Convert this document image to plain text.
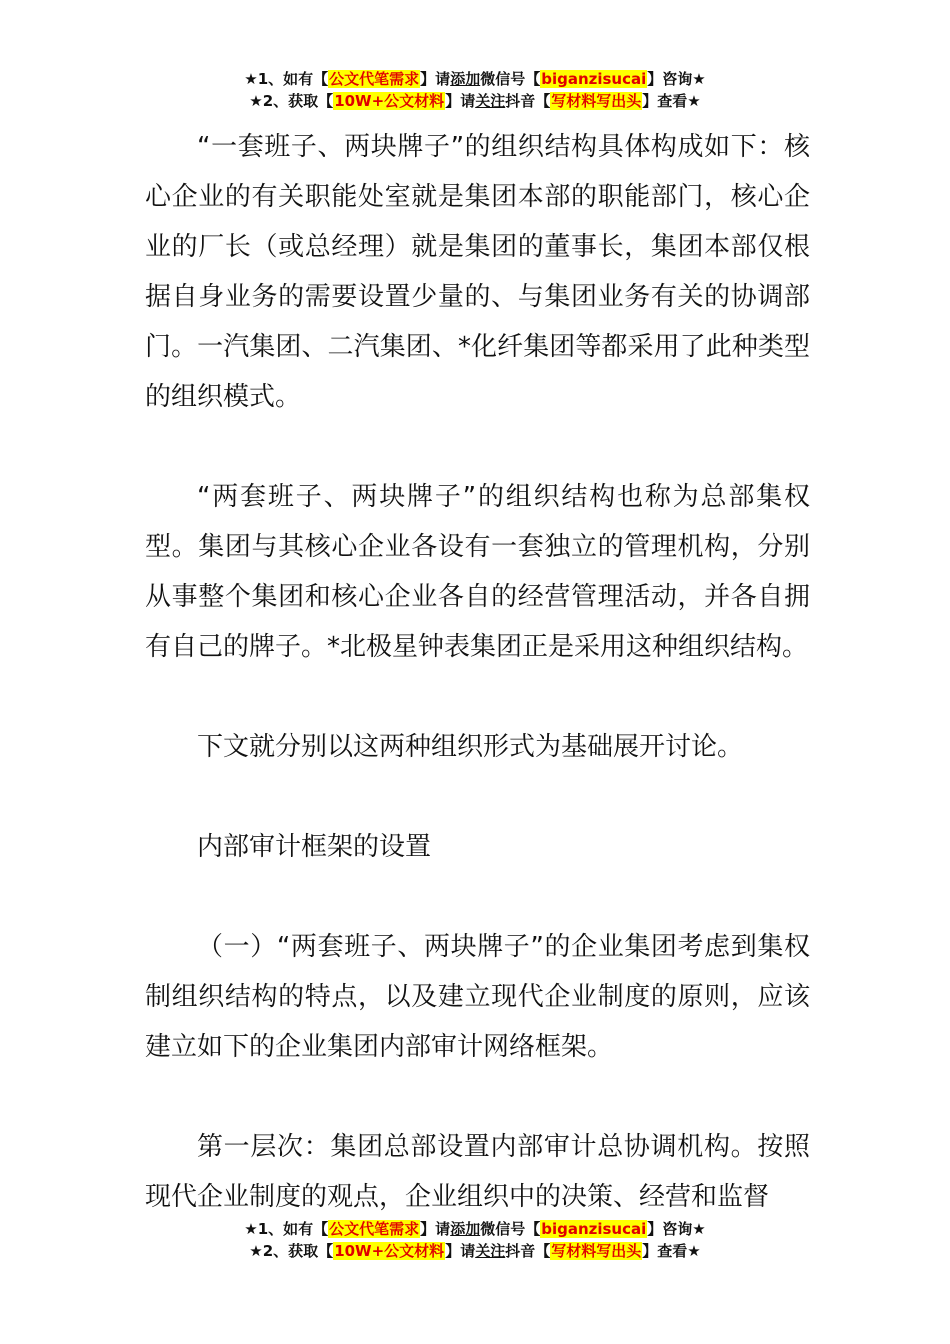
★1、如有【公文代笔需求】请添加微信号【biganzisucai】咨询★
★2、获取【10W+公文材料】请关注抖音【写材料写出头】查看★

“一套班子、两块牌子”的组织结构具体构成如下：核心企业的有关职能处室就是集团本部的职能部门，核心企业的厂长（或总经理）就是集团的董事长，集团本部仅根据自身业务的需要设置少量的、与集团业务有关的协调部门。一汽集团、二汽集团、*化纤集团等都采用了此种类型的组织模式。

“两套班子、两块牌子”的组织结构也称为总部集权型。集团与其核心企业各设有一套独立的管理机构，分别从事整个集团和核心企业各自的经营管理活动，并各自拥有自己的牌子。*北极星钟表集团正是采用这种组织结构。

下文就分别以这两种组织形式为基础展开讨论。

内部审计框架的设置

（一）“两套班子、两块牌子”的企业集团考虑到集权制组织结构的特点，以及建立现代企业制度的原则，应该建立如下的企业集团内部审计网络框架。

第一层次：集团总部设置内部审计总协调机构。按照现代企业制度的观点，企业组织中的决策、经营和监督

★1、如有【公文代笔需求】请添加微信号【biganzisucai】咨询★
★2、获取【10W+公文材料】请关注抖音【写材料写出头】查看★
